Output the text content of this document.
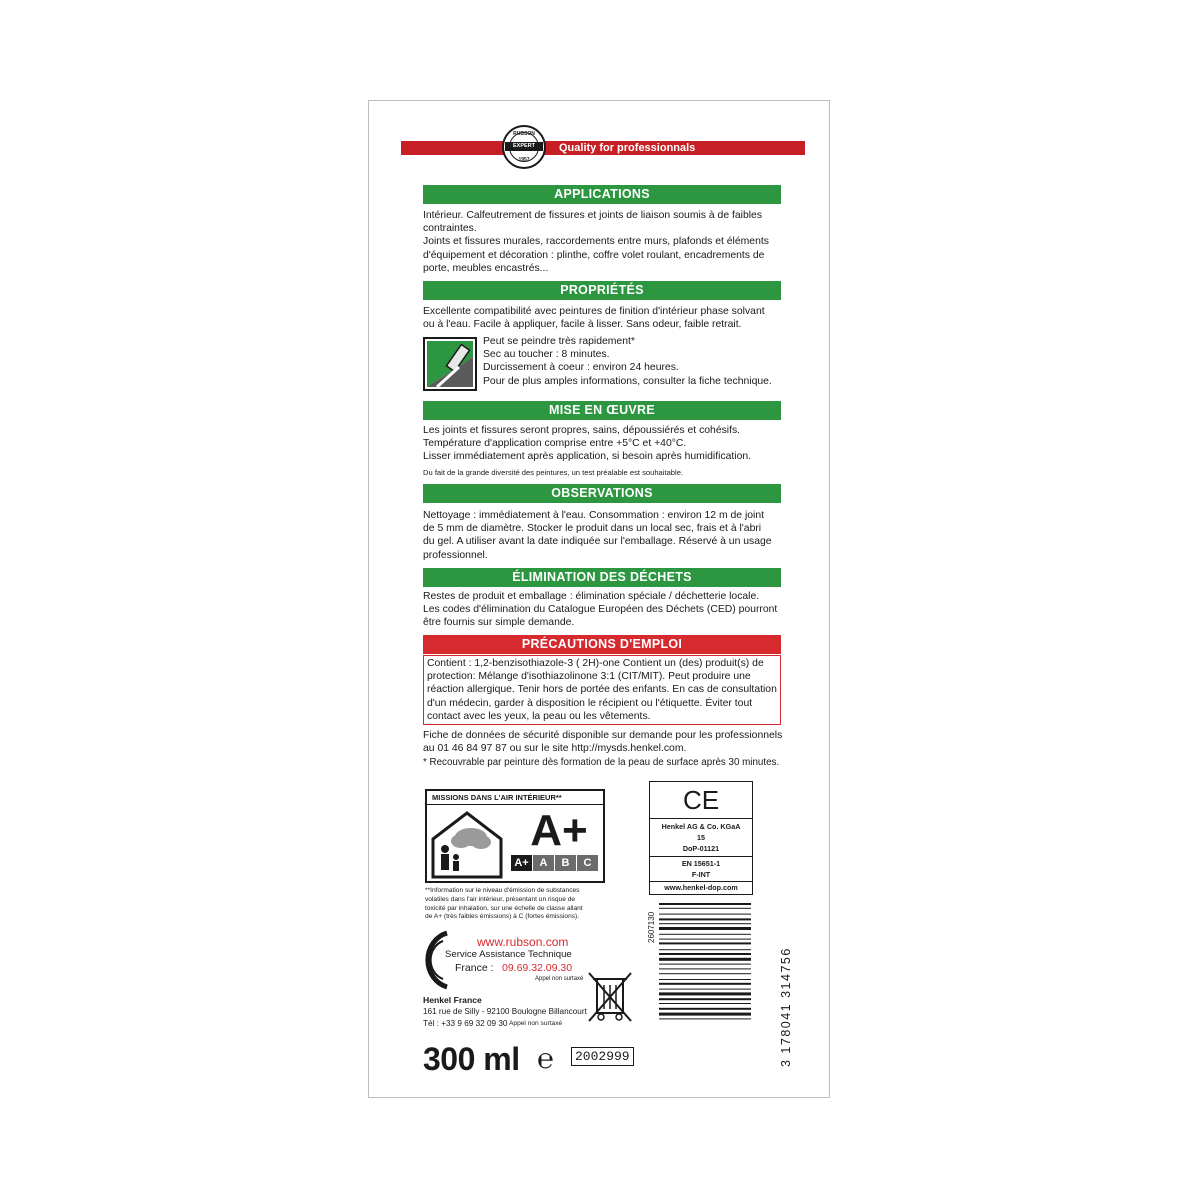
RUBSON
EXPERT
1957
Quality for professionnals
APPLICATIONS
Intérieur. Calfeutrement de fissures et joints de liaison soumis à de faibles
contraintes.
Joints et fissures murales, raccordements entre murs, plafonds et éléments
d'équipement et décoration : plinthe, coffre volet roulant, encadrements de
porte, meubles encastrés...
PROPRIÉTÉS
Excellente compatibilité avec peintures de finition d'intérieur phase solvant
ou à l'eau. Facile à appliquer, facile à lisser. Sans odeur, faible retrait.
Peut se peindre très rapidement*
Sec au toucher : 8 minutes.
Durcissement à coeur : environ 24 heures.
Pour de plus amples informations, consulter la fiche technique.
MISE EN ŒUVRE
Les joints et fissures seront propres, sains, dépoussiérés et cohésifs.
Température d'application comprise entre +5°C et +40°C.
Lisser immédiatement après application, si besoin après humidification.
Du fait de la grande diversité des peintures, un test préalable est souhaitable.
OBSERVATIONS
Nettoyage : immédiatement à l'eau. Consommation : environ 12 m de joint
de 5 mm de diamètre. Stocker le produit dans un local sec, frais et à l'abri
du gel. A utiliser avant la date indiquée sur l'emballage. Réservé à un usage
professionnel.
ÉLIMINATION DES DÉCHETS
Restes de produit et emballage : élimination spéciale / déchetterie locale.
Les codes d'élimination du Catalogue Européen des Déchets (CED) pourront
être fournis sur simple demande.
PRÉCAUTIONS D'EMPLOI
Contient : 1,2-benzisothiazole-3 ( 2H)-one Contient un (des) produit(s) de
protection: Mélange d'isothiazolinone 3:1 (CIT/MIT). Peut produire une
réaction allergique. Tenir hors de portée des enfants. En cas de consultation
d'un médecin, garder à disposition le récipient ou l'étiquette. Éviter tout
contact avec les yeux, la peau ou les vêtements.
Fiche de données de sécurité disponible sur demande pour les professionnels
au 01 46 84 97 87 ou sur le site http://mysds.henkel.com.
* Recouvrable par peinture dès formation de la peau de surface après 30 minutes.
MISSIONS DANS L'AIR INTÉRIEUR**
A+
A+ A	B	C
**Information sur le niveau d'émission de substances
volatiles dans l'air intérieur, présentant un risque de
toxicité par inhalation, sur une échelle de classe allant
de A+ (très faibles émissions) à C (fortes émissions).
CE
Henkel AG & Co. KGaA
15
DoP-01121
EN 15651-1
F-INT
www.henkel-dop.com
2607130
3 178041 314756
www.rubson.com
Service Assistance Technique
France : 09.69.32.09.30
Appel non surtaxé
Henkel France
161 rue de Silly - 92100 Boulogne Billancourt
Tél : +33 9 69 32 09 30 Appel non surtaxé
300 ml ℮	2002999
